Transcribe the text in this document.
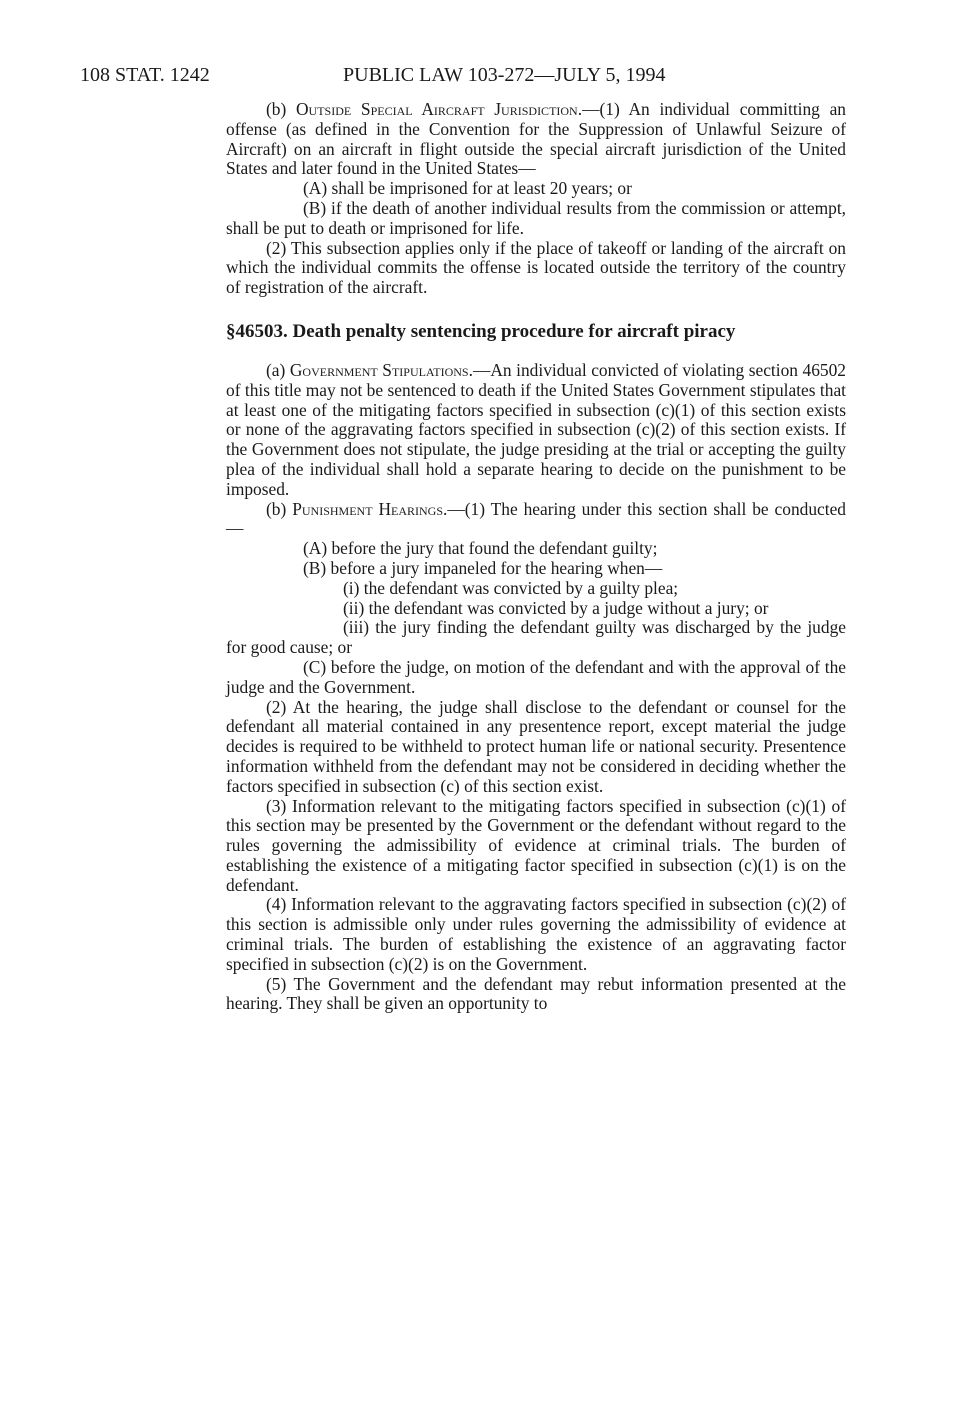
108 STAT. 1242	PUBLIC LAW 103-272—JULY 5, 1994

(b) Outside Special Aircraft Jurisdiction.—(1) An individual committing an offense (as defined in the Convention for the Suppression of Unlawful Seizure of Aircraft) on an aircraft in flight outside the special aircraft jurisdiction of the United States and later found in the United States—

(A) shall be imprisoned for at least 20 years; or

(B) if the death of another individual results from the commission or attempt, shall be put to death or imprisoned for life.

(2) This subsection applies only if the place of takeoff or landing of the aircraft on which the individual commits the offense is located outside the territory of the country of registration of the aircraft.

§46503. Death penalty sentencing procedure for aircraft piracy

(a) Government Stipulations.—An individual convicted of violating section 46502 of this title may not be sentenced to death if the United States Government stipulates that at least one of the mitigating factors specified in subsection (c)(1) of this section exists or none of the aggravating factors specified in subsection (c)(2) of this section exists. If the Government does not stipulate, the judge presiding at the trial or accepting the guilty plea of the individual shall hold a separate hearing to decide on the punishment to be imposed.

(b) Punishment Hearings.—(1) The hearing under this section shall be conducted—

(A) before the jury that found the defendant guilty;

(B) before a jury impaneled for the hearing when—

(i) the defendant was convicted by a guilty plea;

(ii) the defendant was convicted by a judge without a jury; or

(iii) the jury finding the defendant guilty was discharged by the judge for good cause; or

(C) before the judge, on motion of the defendant and with the approval of the judge and the Government.

(2) At the hearing, the judge shall disclose to the defendant or counsel for the defendant all material contained in any presentence report, except material the judge decides is required to be withheld to protect human life or national security. Presentence information withheld from the defendant may not be considered in deciding whether the factors specified in subsection (c) of this section exist.

(3) Information relevant to the mitigating factors specified in subsection (c)(1) of this section may be presented by the Government or the defendant without regard to the rules governing the admissibility of evidence at criminal trials. The burden of establishing the existence of a mitigating factor specified in subsection (c)(1) is on the defendant.

(4) Information relevant to the aggravating factors specified in subsection (c)(2) of this section is admissible only under rules governing the admissibility of evidence at criminal trials. The burden of establishing the existence of an aggravating factor specified in subsection (c)(2) is on the Government.

(5) The Government and the defendant may rebut information presented at the hearing. They shall be given an opportunity to
